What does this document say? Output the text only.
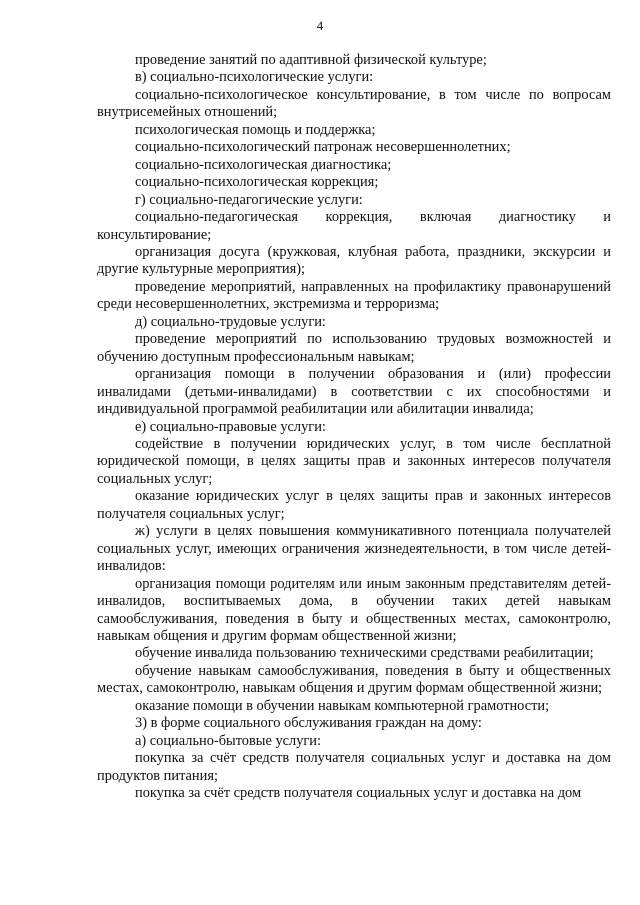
4

проведение занятий по адаптивной физической культуре;

в) социально-психологические услуги:

социально-психологическое консультирование, в том числе по вопросам внутрисемейных отношений;

психологическая помощь и поддержка;

социально-психологический патронаж несовершеннолетних;

социально-психологическая диагностика;

социально-психологическая коррекция;

г) социально-педагогические услуги:

социально-педагогическая коррекция, включая диагностику и консультирование;

организация досуга (кружковая, клубная работа, праздники, экскурсии и другие культурные мероприятия);

проведение мероприятий, направленных на профилактику правонарушений среди несовершеннолетних, экстремизма и терроризма;

д) социально-трудовые услуги:

проведение мероприятий по использованию трудовых возможностей и обучению доступным профессиональным навыкам;

организация помощи в получении образования и (или) профессии инвалидами (детьми-инвалидами) в соответствии с их способностями и индивидуальной программой реабилитации или абилитации инвалида;

е) социально-правовые услуги:

содействие в получении юридических услуг, в том числе бесплатной юридической помощи, в целях защиты прав и законных интересов получателя социальных услуг;

оказание юридических услуг в целях защиты прав и законных интересов получателя социальных услуг;

ж) услуги в целях повышения коммуникативного потенциала получателей социальных услуг, имеющих ограничения жизнедеятельности, в том числе детей-инвалидов:

организация помощи родителям или иным законным представителям детей-инвалидов, воспитываемых дома, в обучении таких детей навыкам самообслуживания, поведения в быту и общественных местах, самоконтролю, навыкам общения и другим формам общественной жизни;

обучение инвалида пользованию техническими средствами реабилитации;

обучение навыкам самообслуживания, поведения в быту и общественных местах, самоконтролю, навыкам общения и другим формам общественной жизни;

оказание помощи в обучении навыкам компьютерной грамотности;

3) в форме социального обслуживания граждан на дому:

а) социально-бытовые услуги:

покупка за счёт средств получателя социальных услуг и доставка на дом продуктов питания;

покупка за счёт средств получателя социальных услуг и доставка на дом
